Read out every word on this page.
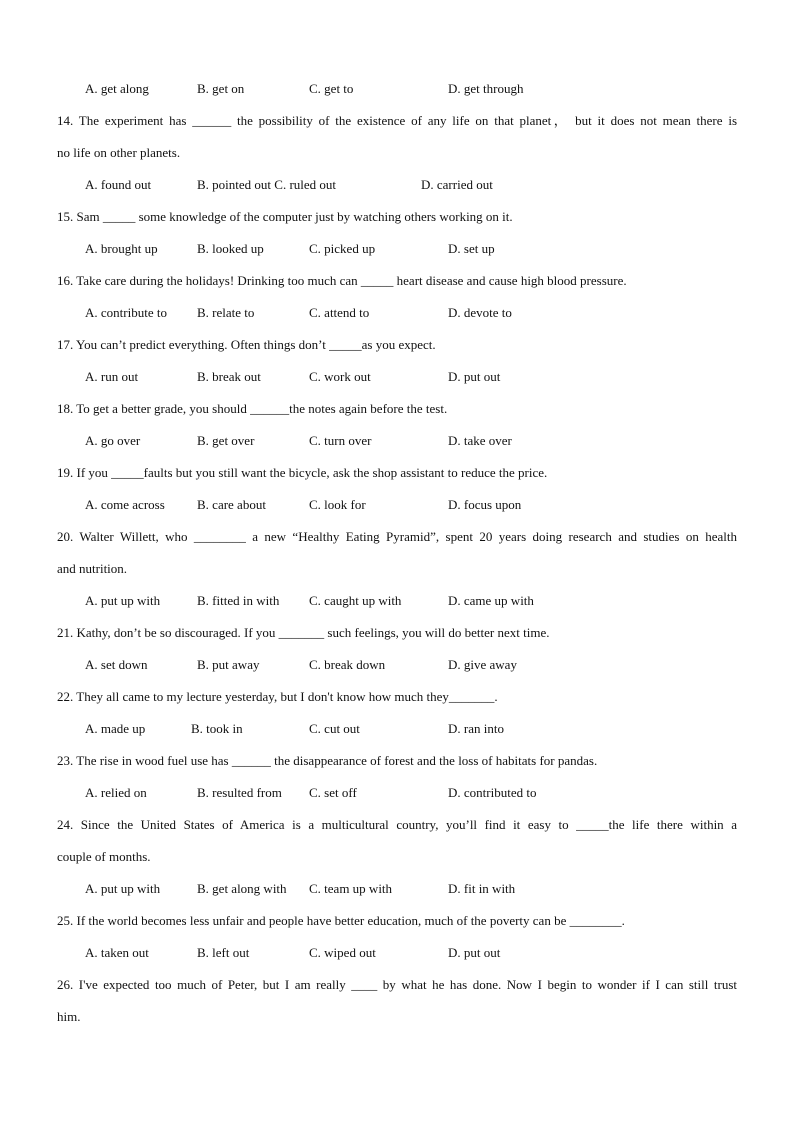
A. get along	B. get on	C. get to	D. get through
14. The experiment has ______ the possibility of the existence of any life on that planet， but it does not mean there is
no life on other planets.
A. found out	B. pointed out C. ruled out	D. carried out
15. Sam _____ some knowledge of the computer just by watching others working on it.
A. brought up	B. looked up	C. picked up	D. set up
16. Take care during the holidays! Drinking too much can _____ heart disease and cause high blood pressure.
A. contribute to B. relate to	C. attend to	D. devote to
17. You can’t predict everything. Often things don’t _____as you expect.
A. run out	B. break out	C. work out	D. put out
18. To get a better grade, you should ______the notes again before the test.
A. go over	B. get over	C. turn over	D. take over
19. If you _____faults but you still want the bicycle, ask the shop assistant to reduce the price.
A. come across B. care about	C. look for	D. focus upon
20. Walter Willett, who ________ a new “Healthy Eating Pyramid”, spent 20 years doing research and studies on health
and nutrition.
A. put up with	B. fitted in with C. caught up with	D. came up with
21. Kathy, don’t be so discouraged. If you _______ such feelings, you will do better next time.
A. set down	B. put away	C. break down	D. give away
22. They all came to my lecture yesterday, but I don't know how much they_______.
A. made up	B. took in	C. cut out	D. ran into
23. The rise in wood fuel use has ______ the disappearance of forest and the loss of habitats for pandas.
A. relied on	B. resulted from C. set off	D. contributed to
24. Since the United States of America is a multicultural country, you’ll find it easy to _____the life there within a
couple of months.
A. put up with	B. get along with C. team up with	D. fit in with
25. If the world becomes less unfair and people have better education, much of the poverty can be ________.
A. taken out	B. left out	C. wiped out	D. put out
26. I've expected too much of Peter, but I am really ____ by what he has done. Now I begin to wonder if I can still trust
him.
